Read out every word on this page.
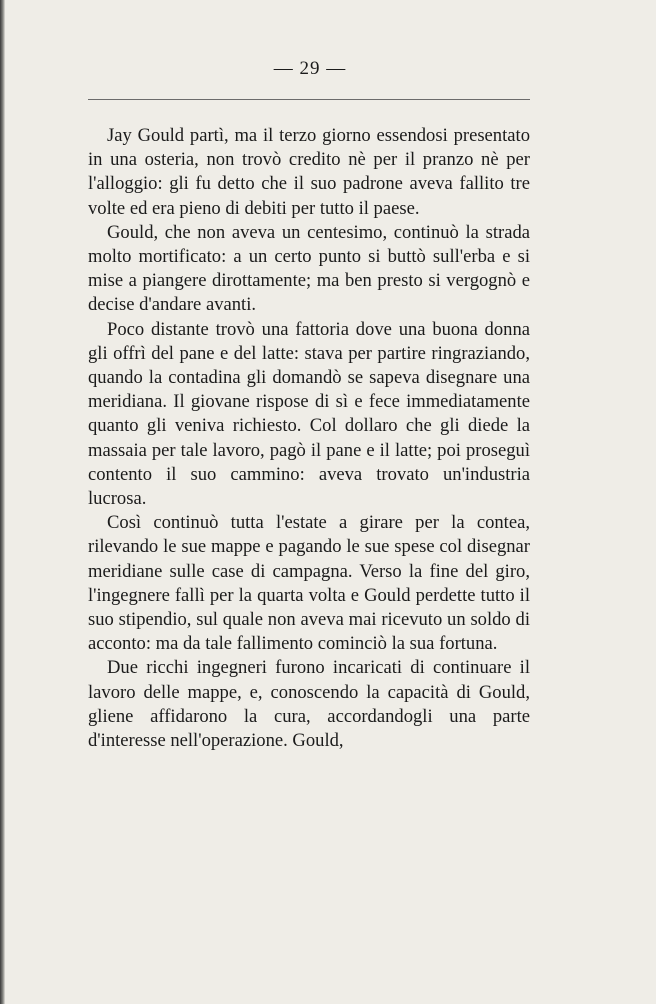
— 29 —

Jay Gould partì, ma il terzo giorno essendosi presentato in una osteria, non trovò credito nè per il pranzo nè per l'alloggio: gli fu detto che il suo padrone aveva fallito tre volte ed era pieno di debiti per tutto il paese.

Gould, che non aveva un centesimo, continuò la strada molto mortificato: a un certo punto si buttò sull'erba e si mise a piangere dirottamente; ma ben presto si vergognò e decise d'andare avanti.

Poco distante trovò una fattoria dove una buona donna gli offrì del pane e del latte: stava per partire ringraziando, quando la contadina gli domandò se sapeva disegnare una meridiana. Il giovane rispose di sì e fece immediatamente quanto gli veniva richiesto. Col dollaro che gli diede la massaia per tale lavoro, pagò il pane e il latte; poi proseguì contento il suo cammino: aveva trovato un'industria lucrosa.

Così continuò tutta l'estate a girare per la contea, rilevando le sue mappe e pagando le sue spese col disegnar meridiane sulle case di campagna. Verso la fine del giro, l'ingegnere fallì per la quarta volta e Gould perdette tutto il suo stipendio, sul quale non aveva mai ricevuto un soldo di acconto: ma da tale fallimento cominciò la sua fortuna.

Due ricchi ingegneri furono incaricati di continuare il lavoro delle mappe, e, conoscendo la capacità di Gould, gliene affidarono la cura, accordandogli una parte d'interesse nell'operazione. Gould,
